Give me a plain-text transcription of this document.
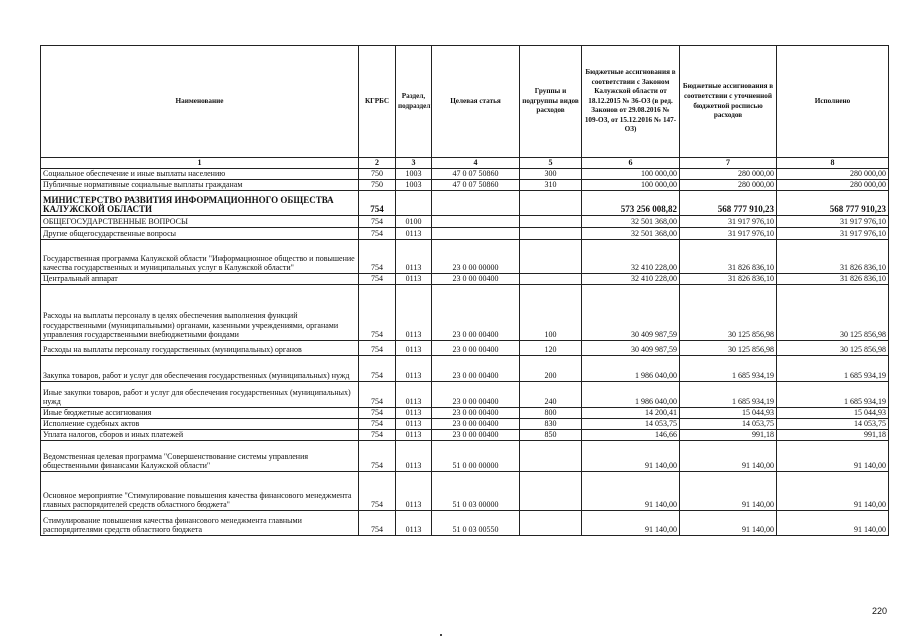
Наименование	КГРБС	Раздел, подраздел	Целевая статья	Группы и подгруппы видов расходов	Бюджетные ассигнования в соответствии с Законом Калужской области от 18.12.2015 № 36-ОЗ (в ред. Законов от 29.08.2016 № 109-ОЗ, от 15.12.2016 № 147-ОЗ)	Бюджетные ассигнования в соответствии с уточненной бюджетной росписью расходов	Исполнено
1	2	3	4	5	6	7	8
Социальное обеспечение и иные выплаты населению	750	1003	47 0 07 50860	300	100 000,00	280 000,00	280 000,00
Публичные нормативные социальные выплаты гражданам	750	1003	47 0 07 50860	310	100 000,00	280 000,00	280 000,00
МИНИСТЕРСТВО РАЗВИТИЯ ИНФОРМАЦИОННОГО ОБЩЕСТВА КАЛУЖСКОЙ ОБЛАСТИ	754				573 256 008,82	568 777 910,23	568 777 910,23
ОБЩЕГОСУДАРСТВЕННЫЕ ВОПРОСЫ	754	0100			32 501 368,00	31 917 976,10	31 917 976,10
Другие общегосударственные вопросы	754	0113			32 501 368,00	31 917 976,10	31 917 976,10
Государственная программа Калужской области "Информационное общество и повышение качества государственных и муниципальных услуг в Калужской области"	754	0113	23 0 00 00000		32 410 228,00	31 826 836,10	31 826 836,10
Центральный аппарат	754	0113	23 0 00 00400		32 410 228,00	31 826 836,10	31 826 836,10
Расходы на выплаты персоналу в целях обеспечения выполнения функций государственными (муниципальными) органами, казенными учреждениями, органами управления государственными внебюджетными фондами	754	0113	23 0 00 00400	100	30 409 987,59	30 125 856,98	30 125 856,98
Расходы на выплаты персоналу государственных (муниципальных) органов	754	0113	23 0 00 00400	120	30 409 987,59	30 125 856,98	30 125 856,98
Закупка товаров, работ и услуг для обеспечения государственных (муниципальных) нужд	754	0113	23 0 00 00400	200	1 986 040,00	1 685 934,19	1 685 934,19
Иные закупки товаров, работ и услуг для обеспечения государственных (муниципальных) нужд	754	0113	23 0 00 00400	240	1 986 040,00	1 685 934,19	1 685 934,19
Иные бюджетные ассигнования	754	0113	23 0 00 00400	800	14 200,41	15 044,93	15 044,93
Исполнение судебных актов	754	0113	23 0 00 00400	830	14 053,75	14 053,75	14 053,75
Уплата налогов, сборов и иных платежей	754	0113	23 0 00 00400	850	146,66	991,18	991,18
Ведомственная целевая программа "Совершенствование системы управления общественными финансами Калужской области"	754	0113	51 0 00 00000		91 140,00	91 140,00	91 140,00
Основное мероприятие "Стимулирование повышения качества финансового менеджмента главных распорядителей средств областного бюджета"	754	0113	51 0 03 00000		91 140,00	91 140,00	91 140,00
Стимулирование повышения качества финансового менеджмента главными распорядителями средств областного бюджета	754	0113	51 0 03 00550		91 140,00	91 140,00	91 140,00
220
